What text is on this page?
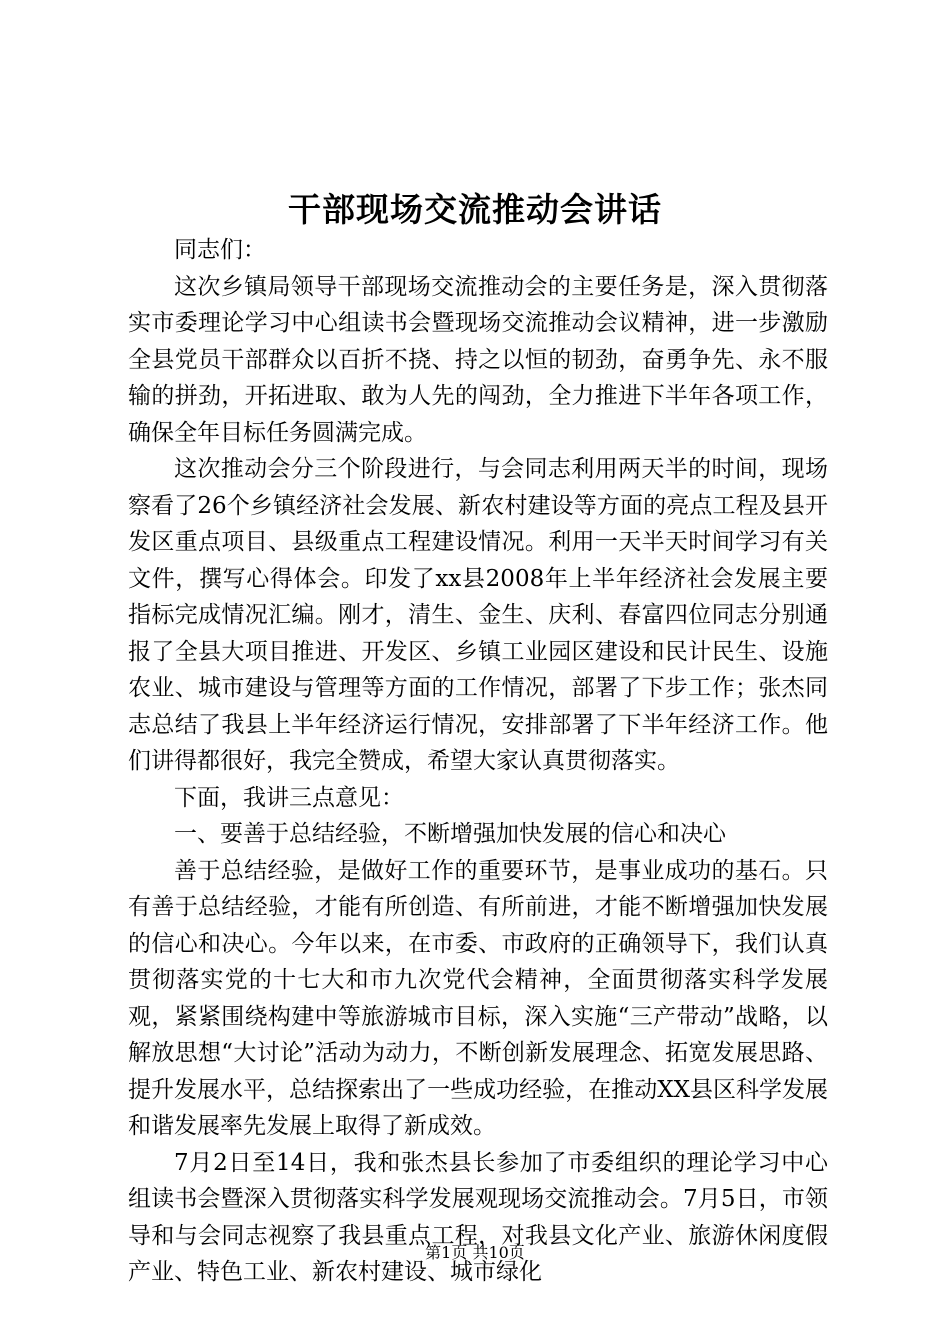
干部现场交流推动会讲话

同志们：

这次乡镇局领导干部现场交流推动会的主要任务是，深入贯彻落实市委理论学习中心组读书会暨现场交流推动会议精神，进一步激励全县党员干部群众以百折不挠、持之以恒的韧劲，奋勇争先、永不服输的拼劲，开拓进取、敢为人先的闯劲，全力推进下半年各项工作，确保全年目标任务圆满完成。

这次推动会分三个阶段进行，与会同志利用两天半的时间，现场察看了26个乡镇经济社会发展、新农村建设等方面的亮点工程及县开发区重点项目、县级重点工程建设情况。利用一天半天时间学习有关文件，撰写心得体会。印发了xx县2008年上半年经济社会发展主要指标完成情况汇编。刚才，清生、金生、庆利、春富四位同志分别通报了全县大项目推进、开发区、乡镇工业园区建设和民计民生、设施农业、城市建设与管理等方面的工作情况，部署了下步工作；张杰同志总结了我县上半年经济运行情况，安排部署了下半年经济工作。他们讲得都很好，我完全赞成，希望大家认真贯彻落实。

下面，我讲三点意见：

一、要善于总结经验，不断增强加快发展的信心和决心

善于总结经验，是做好工作的重要环节，是事业成功的基石。只有善于总结经验，才能有所创造、有所前进，才能不断增强加快发展的信心和决心。今年以来，在市委、市政府的正确领导下，我们认真贯彻落实党的十七大和市九次党代会精神，全面贯彻落实科学发展观，紧紧围绕构建中等旅游城市目标，深入实施“三产带动”战略，以解放思想“大讨论”活动为动力，不断创新发展理念、拓宽发展思路、提升发展水平，总结探索出了一些成功经验，在推动XX县区科学发展和谐发展率先发展上取得了新成效。

7月2日至14日，我和张杰县长参加了市委组织的理论学习中心组读书会暨深入贯彻落实科学发展观现场交流推动会。7月5日，市领导和与会同志视察了我县重点工程，对我县文化产业、旅游休闲度假产业、特色工业、新农村建设、城市绿化

第1页 共10页
